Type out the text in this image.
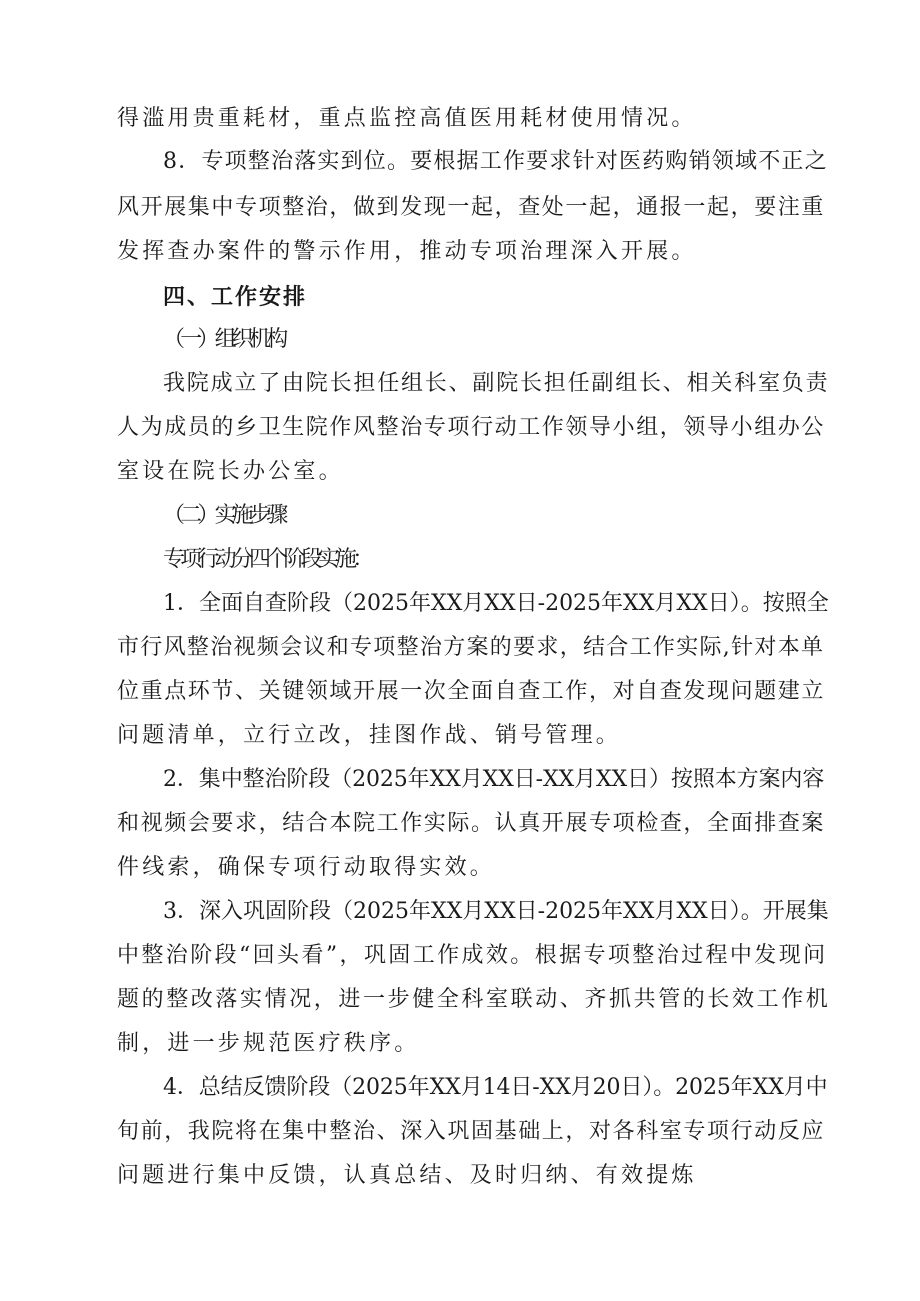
得滥用贵重耗材，重点监控高值医用耗材使用情况。
8．专项整治落实到位。要根据工作要求针对医药购销领域不正之
风开展集中专项整治，做到发现一起，查处一起，通报一起，要注重
发挥查办案件的警示作用，推动专项治理深入开展。
四、工作安排
（一）组织机构
我院成立了由院长担任组长、副院长担任副组长、相关科室负责
人为成员的乡卫生院作风整治专项行动工作领导小组，领导小组办公
室设在院长办公室。
（二）实施步骤
专项行动分四个阶段实施：
1．全面自查阶段（2025年XX月XX日-2025年XX月XX日）。按照全
市行风整治视频会议和专项整治方案的要求，结合工作实际,针对本单
位重点环节、关键领域开展一次全面自查工作，对自查发现问题建立
问题清单，立行立改，挂图作战、销号管理。
2．集中整治阶段（2025年XX月XX日-XX月XX日）按照本方案内容
和视频会要求，结合本院工作实际。认真开展专项检查，全面排查案
件线索，确保专项行动取得实效。
3．深入巩固阶段（2025年XX月XX日-2025年XX月XX日）。开展集
中整治阶段“回头看”，巩固工作成效。根据专项整治过程中发现问
题的整改落实情况，进一步健全科室联动、齐抓共管的长效工作机
制，进一步规范医疗秩序。
4．总结反馈阶段（2025年XX月14日-XX月20日）。2025年XX月中
旬前，我院将在集中整治、深入巩固基础上，对各科室专项行动反应
问题进行集中反馈，认真总结、及时归纳、有效提炼
